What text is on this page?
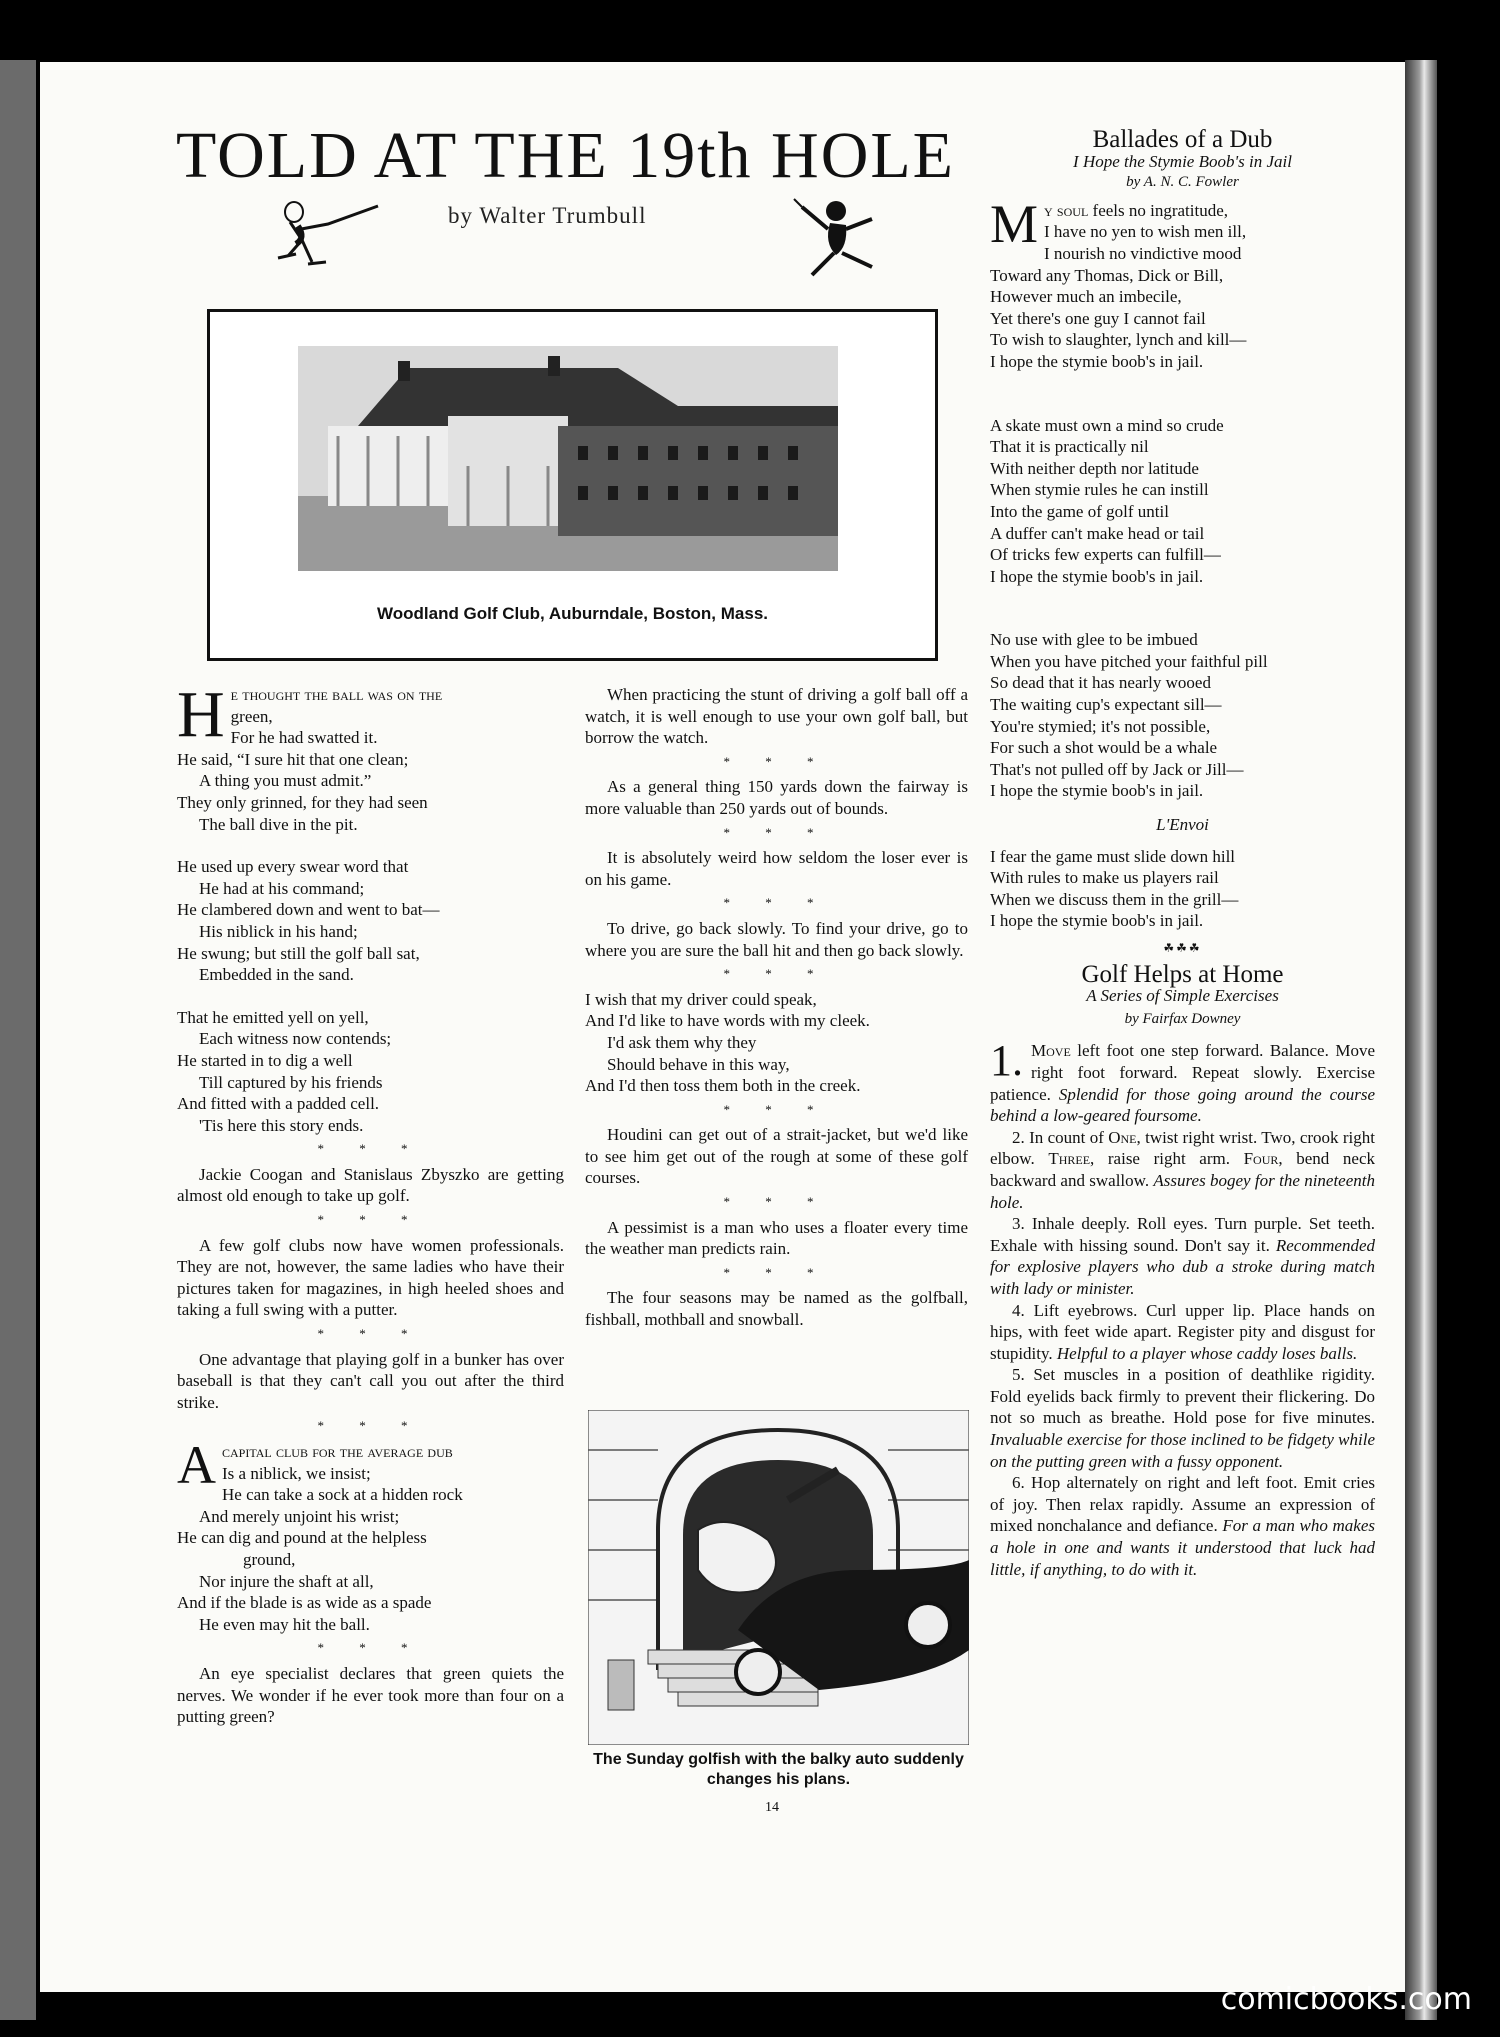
TOLD AT THE 19th HOLE
by Walter Trumbull
Woodland Golf Club, Auburndale, Boston, Mass.
H e thought the ball was on the

green,

For he had swatted it.

He said, “I sure hit that one clean;

A thing you must admit.”

They only grinned, for they had seen

The ball dive in the pit.

He used up every swear word that

He had at his command;

He clambered down and went to bat—

His niblick in his hand;

He swung; but still the golf ball sat,

Embedded in the sand.

That he emitted yell on yell,

Each witness now contends;

He started in to dig a well

Till captured by his friends

And fitted with a padded cell.

'Tis here this story ends.

* * *

Jackie Coogan and Stanislaus Zbyszko are getting almost old enough to take up golf.

* * *

A few golf clubs now have women professionals. They are not, however, the same ladies who have their pictures taken for magazines, in high heeled shoes and taking a full swing with a putter.

* * *

One advantage that playing golf in a bunker has over baseball is that they can't call you out after the third strike.

* * *

A capital club for the average dub

Is a niblick, we insist;

He can take a sock at a hidden rock

And merely unjoint his wrist;

He can dig and pound at the helpless

ground,

Nor injure the shaft at all,

And if the blade is as wide as a spade

He even may hit the ball.

* * *

An eye specialist declares that green quiets the nerves. We wonder if he ever took more than four on a putting green?

When practicing the stunt of driving a golf ball off a watch, it is well enough to use your own golf ball, but borrow the watch.

* * *

As a general thing 150 yards down the fairway is more valuable than 250 yards out of bounds.

* * *

It is absolutely weird how seldom the loser ever is on his game.

* * *

To drive, go back slowly. To find your drive, go to where you are sure the ball hit and then go back slowly.

* * *

I wish that my driver could speak,

And I'd like to have words with my cleek.

I'd ask them why they

Should behave in this way,

And I'd then toss them both in the creek.

* * *

Houdini can get out of a strait-jacket, but we'd like to see him get out of the rough at some of these golf courses.

* * *

A pessimist is a man who uses a floater every time the weather man predicts rain.

* * *

The four seasons may be named as the golfball, fishball, mothball and snowball.

The Sunday golfish with the balky auto suddenly changes his plans.

Ballades of a Dub

I Hope the Stymie Boob's in Jail

by A. N. C. Fowler

M y soul feels no ingratitude,

I have no yen to wish men ill,

I nourish no vindictive mood

Toward any Thomas, Dick or Bill,

However much an imbecile,

Yet there's one guy I cannot fail

To wish to slaughter, lynch and kill—

I hope the stymie boob's in jail.

A skate must own a mind so crude

That it is practically nil

With neither depth nor latitude

When stymie rules he can instill

Into the game of golf until

A duffer can't make head or tail

Of tricks few experts can fulfill—

I hope the stymie boob's in jail.

No use with glee to be imbued

When you have pitched your faithful pill

So dead that it has nearly wooed

The waiting cup's expectant sill—

You're stymied; it's not possible,

For such a shot would be a whale

That's not pulled off by Jack or Jill—

I hope the stymie boob's in jail.

L'Envoi

I fear the game must slide down hill

With rules to make us players rail

When we discuss them in the grill—

I hope the stymie boob's in jail.

☘☘☘

Golf Helps at Home

A Series of Simple Exercises

by Fairfax Downey

1. Move left foot one step forward. Balance. Move right foot forward. Repeat slowly. Exercise patience. Splendid for those going around the course behind a low-geared foursome.

2. In count of One, twist right wrist. Two, crook right elbow. Three, raise right arm. Four, bend neck backward and swallow. Assures bogey for the nineteenth hole.

3. Inhale deeply. Roll eyes. Turn purple. Set teeth. Exhale with hissing sound. Don't say it. Recommended for explosive players who dub a stroke during match with lady or minister.

4. Lift eyebrows. Curl upper lip. Place hands on hips, with feet wide apart. Register pity and disgust for stupidity. Helpful to a player whose caddy loses balls.

5. Set muscles in a position of deathlike rigidity. Fold eyelids back firmly to prevent their flickering. Do not so much as breathe. Hold pose for five minutes. Invaluable exercise for those inclined to be fidgety while on the putting green with a fussy opponent.

6. Hop alternately on right and left foot. Emit cries of joy. Then relax rapidly. Assume an expression of mixed nonchalance and defiance. For a man who makes a hole in one and wants it understood that luck had little, if anything, to do with it.

14
comicbooks.com
